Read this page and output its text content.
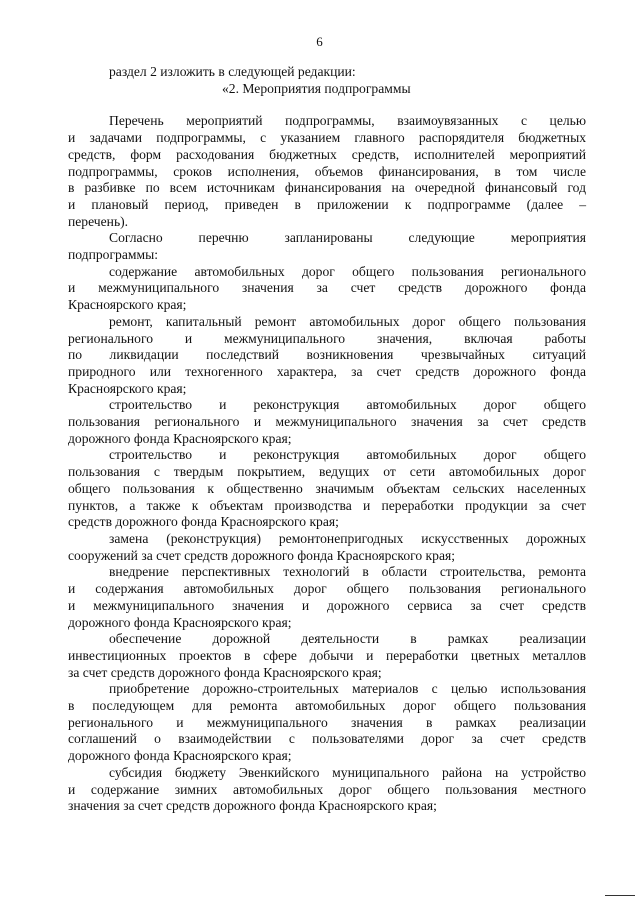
6
раздел 2 изложить в следующей редакции:
«2. Мероприятия подпрограммы
Перечень мероприятий подпрограммы, взаимоувязанных с целью
и задачами подпрограммы, с указанием главного распорядителя бюджетных
средств, форм расходования бюджетных средств, исполнителей мероприятий
подпрограммы, сроков исполнения, объемов финансирования, в том числе
в разбивке по всем источникам финансирования на очередной финансовый год
и плановый период, приведен в приложении к подпрограмме (далее –
перечень).
Согласно перечню запланированы следующие мероприятия
подпрограммы:
содержание автомобильных дорог общего пользования регионального
и межмуниципального значения за счет средств дорожного фонда
Красноярского края;
ремонт, капитальный ремонт автомобильных дорог общего пользования
регионального и межмуниципального значения, включая работы
по ликвидации последствий возникновения чрезвычайных ситуаций
природного или техногенного характера, за счет средств дорожного фонда
Красноярского края;
строительство и реконструкция автомобильных дорог общего
пользования регионального и межмуниципального значения за счет средств
дорожного фонда Красноярского края;
строительство и реконструкция автомобильных дорог общего
пользования с твердым покрытием, ведущих от сети автомобильных дорог
общего пользования к общественно значимым объектам сельских населенных
пунктов, а также к объектам производства и переработки продукции за счет
средств дорожного фонда Красноярского края;
замена (реконструкция) ремонтонепригодных искусственных дорожных
сооружений за счет средств дорожного фонда Красноярского края;
внедрение перспективных технологий в области строительства, ремонта
и содержания автомобильных дорог общего пользования регионального
и межмуниципального значения и дорожного сервиса за счет средств
дорожного фонда Красноярского края;
обеспечение дорожной деятельности в рамках реализации
инвестиционных проектов в сфере добычи и переработки цветных металлов
за счет средств дорожного фонда Красноярского края;
приобретение дорожно-строительных материалов с целью использования
в последующем для ремонта автомобильных дорог общего пользования
регионального и межмуниципального значения в рамках реализации
соглашений о взаимодействии с пользователями дорог за счет средств
дорожного фонда Красноярского края;
субсидия бюджету Эвенкийского муниципального района на устройство
и содержание зимних автомобильных дорог общего пользования местного
значения за счет средств дорожного фонда Красноярского края;
